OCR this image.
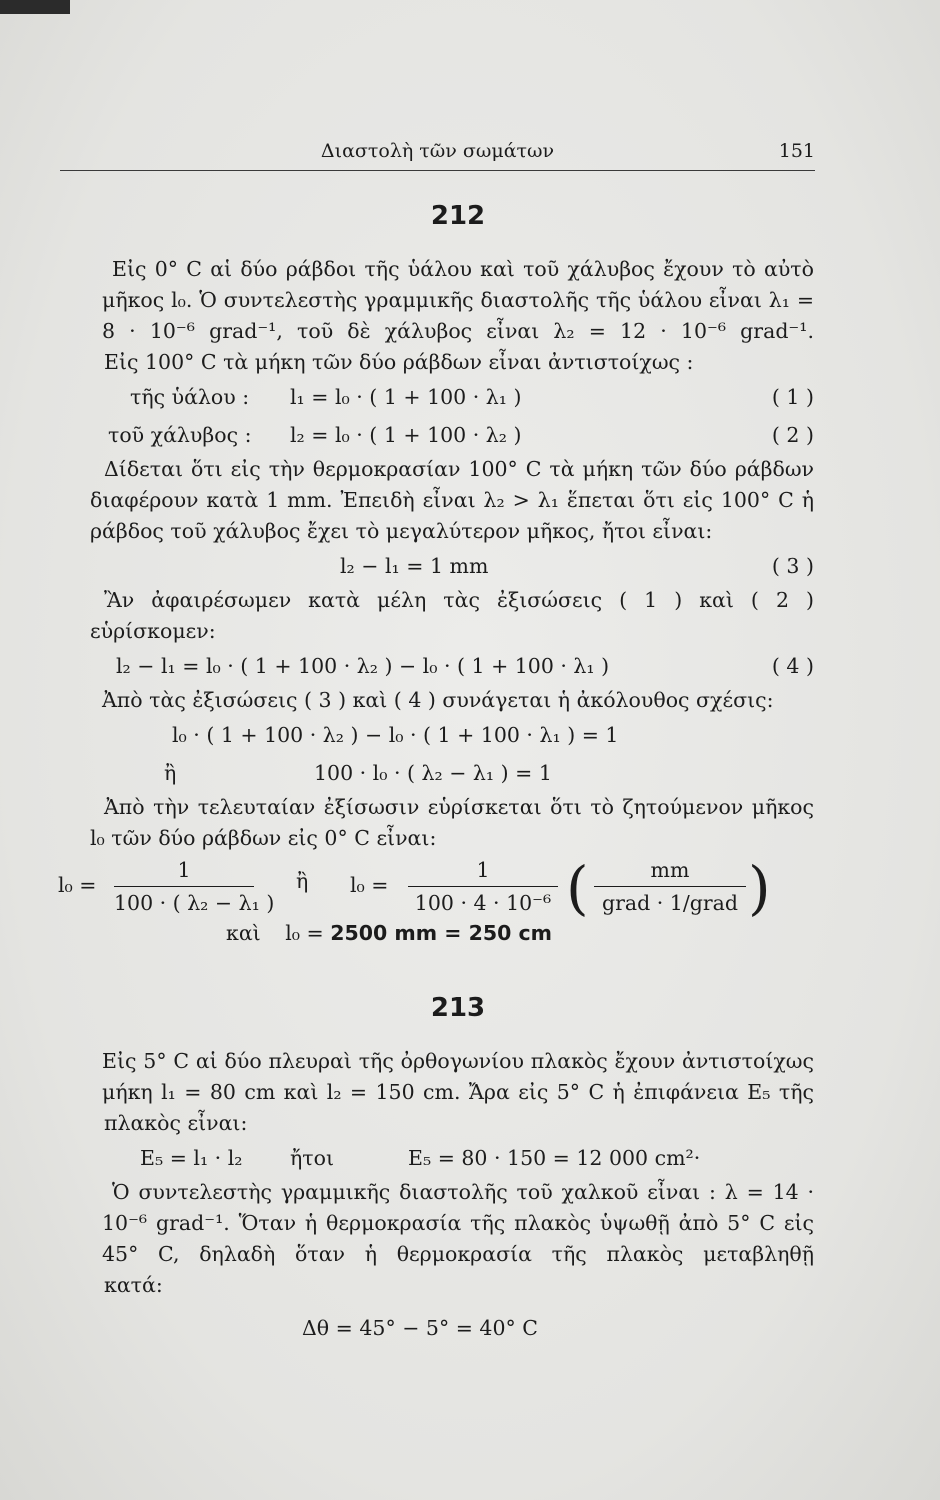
Διαστολὴ τῶν σωμάτων	151
212

Εἰς 0° C αἱ δύο ράβδοι τῆς ὑάλου καὶ τοῦ χάλυβος ἔχουν τὸ αὐτὸ μῆκος l₀. Ὁ συντελεστὴς γραμμικῆς διαστολῆς τῆς ὑάλου εἶναι λ₁ = 8 · 10⁻⁶ grad⁻¹, τοῦ δὲ χάλυβος εἶναι λ₂ = 12 · 10⁻⁶ grad⁻¹.

Εἰς 100° C τὰ μήκη τῶν δύο ράβδων εἶναι ἀντιστοίχως :

τῆς ὑάλου : l₁ = l₀ · ( 1 + 100 · λ₁ )	( 1 )
τοῦ χάλυβος : l₂ = l₀ · ( 1 + 100 · λ₂ )	( 2 )

Δίδεται ὅτι εἰς τὴν θερμοκρασίαν 100° C τὰ μήκη τῶν δύο ράβδων διαφέρουν κατὰ 1 mm. Ἐπειδὴ εἶναι λ₂ > λ₁ ἕπεται ὅτι εἰς 100° C ἡ ράβδος τοῦ χάλυβος ἔχει τὸ μεγαλύτερον μῆκος, ἤτοι εἶναι:

l₂ − l₁ = 1 mm	( 3 )

Ἂν ἀφαιρέσωμεν κατὰ μέλη τὰς ἐξισώσεις ( 1 ) καὶ ( 2 ) εὑρίσκομεν:

l₂ − l₁ = l₀ · ( 1 + 100 · λ₂ ) − l₀ · ( 1 + 100 · λ₁ )	( 4 )

Ἀπὸ τὰς ἐξισώσεις ( 3 ) καὶ ( 4 ) συνάγεται ἡ ἀκόλουθος σχέσις:

l₀ · ( 1 + 100 · λ₂ ) − l₀ · ( 1 + 100 · λ₁ ) = 1
ἢ	100 · l₀ · ( λ₂ − λ₁ ) = 1

Ἀπὸ τὴν τελευταίαν ἐξίσωσιν εὑρίσκεται ὅτι τὸ ζητούμενον μῆκος l₀ τῶν δύο ράβδων εἰς 0° C εἶναι:

l₀ =
1
100 · ( λ₂ − λ₁ )
ἢ l₀ =
1
100 · 4 · 10⁻⁶ (	mm
grad · 1/grad )
καὶ l₀ = 2500 mm = 250 cm
213

Εἰς 5° C αἱ δύο πλευραὶ τῆς ὀρθογωνίου πλακὸς ἔχουν ἀντιστοίχως μήκη l₁ = 80 cm καὶ l₂ = 150 cm. Ἄρα εἰς 5° C ἡ ἐπιφάνεια E₅ τῆς

πλακὸς εἶναι:

E₅ = l₁ · l₂ ἤτοι	E₅ = 80 · 150 = 12 000 cm²·

Ὁ συντελεστὴς γραμμικῆς διαστολῆς τοῦ χαλκοῦ εἶναι : λ = 14 · 10⁻⁶ grad⁻¹. Ὅταν ἡ θερμοκρασία τῆς πλακὸς ὑψωθῇ ἀπὸ 5° C εἰς 45° C, δηλαδὴ ὅταν ἡ θερμοκρασία τῆς πλακὸς μεταβληθῇ

κατά:

Δθ = 45° − 5° = 40° C
